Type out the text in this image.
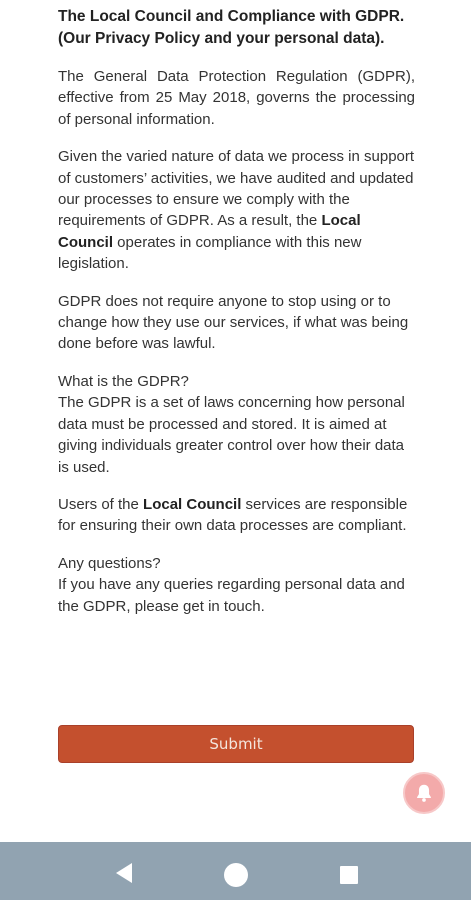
The Local Council and Compliance with GDPR.
(Our Privacy Policy and your personal data).

The General Data Protection Regulation (GDPR), effective from 25 May 2018, governs the processing of personal information.

Given the varied nature of data we process in support of customers’ activities, we have audited and updated our processes to ensure we comply with the requirements of GDPR. As a result, the Local Council operates in compliance with this new legislation.

GDPR does not require anyone to stop using or to change how they use our services, if what was being done before was lawful.

What is the GDPR?
The GDPR is a set of laws concerning how personal data must be processed and stored. It is aimed at giving individuals greater control over how their data is used.

Users of the Local Council services are responsible for ensuring their own data processes are compliant.

Any questions?
If you have any queries regarding personal data and the GDPR, please get in touch.

Submit
